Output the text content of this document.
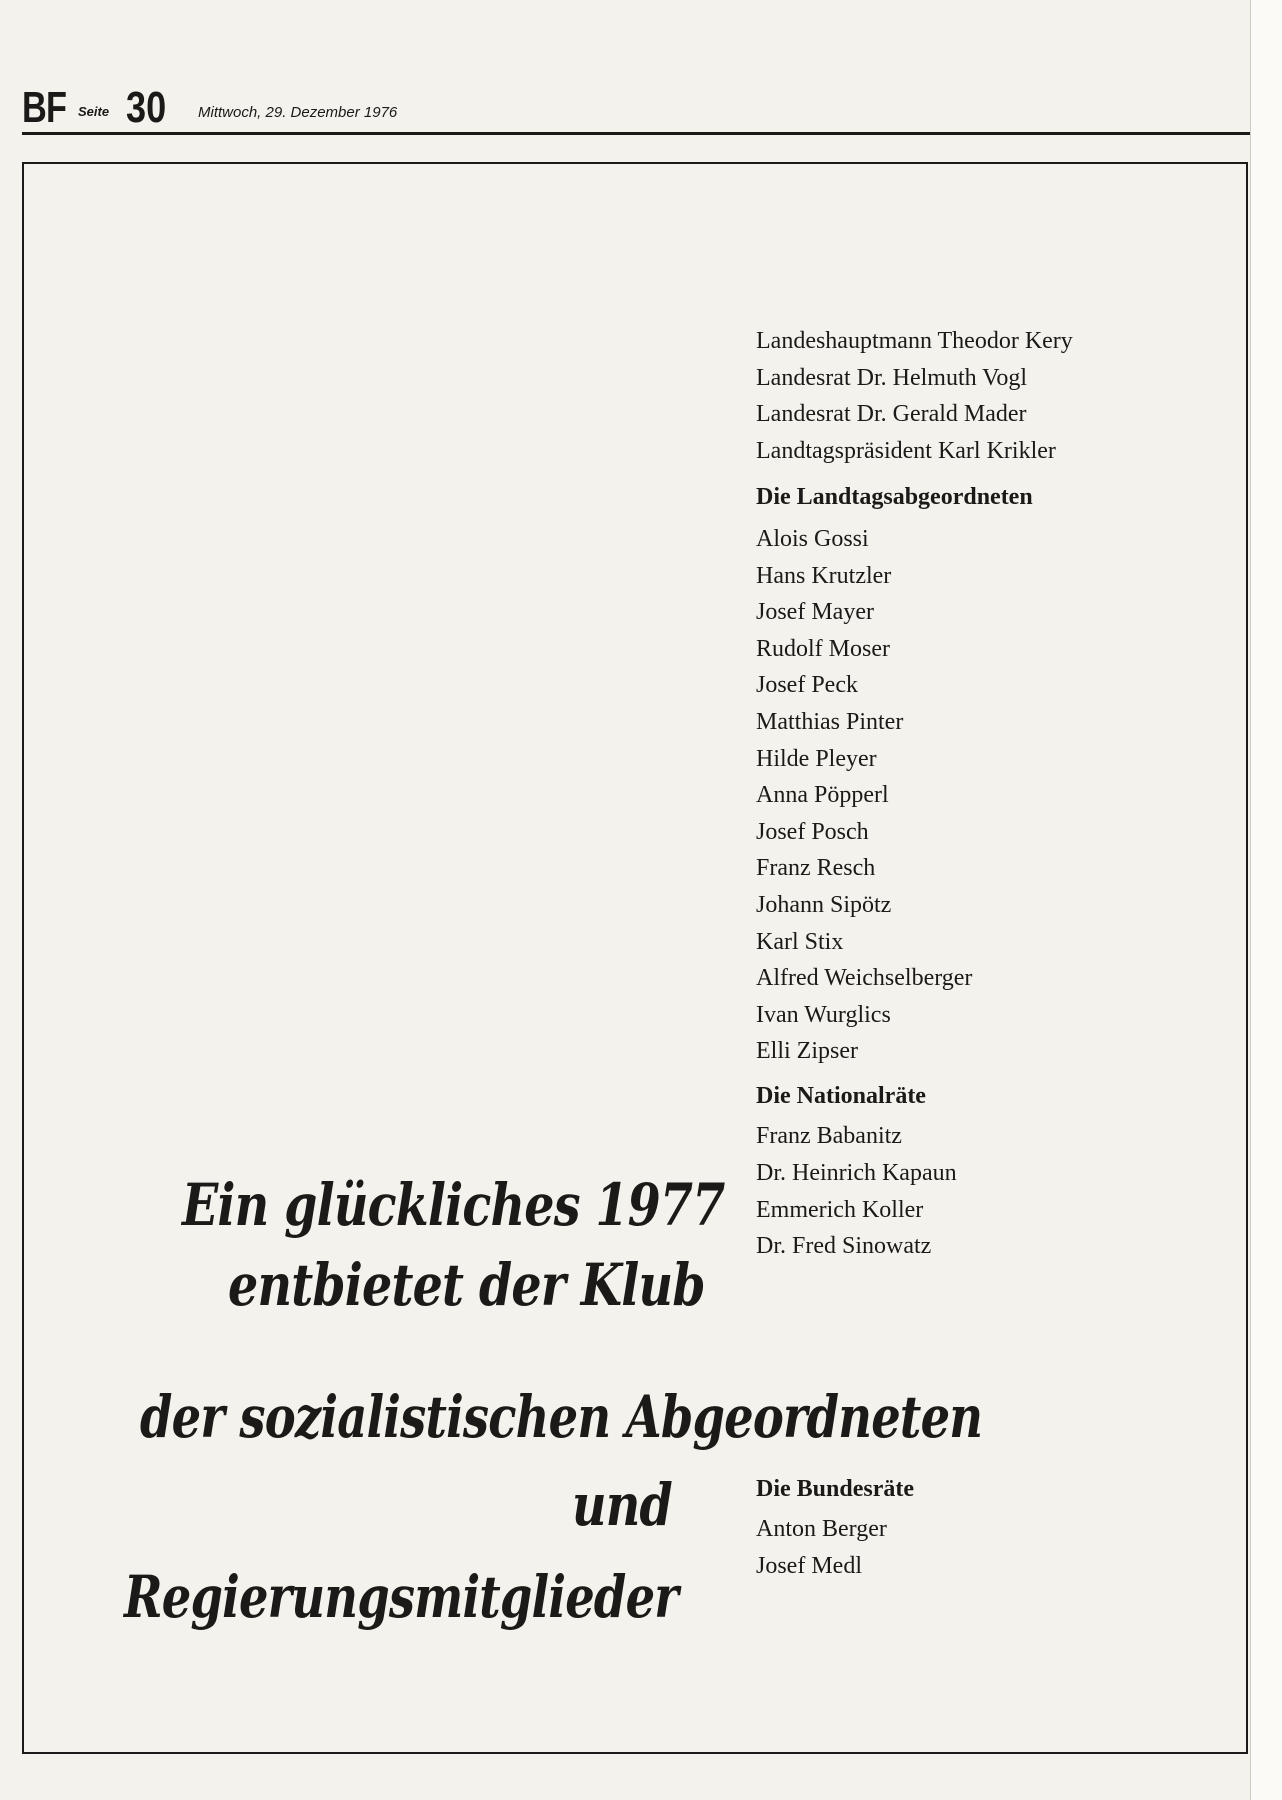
BF Seite 30 Mittwoch, 29. Dezember 1976
Landeshauptmann Theodor Kery
Landesrat Dr. Helmuth Vogl
Landesrat Dr. Gerald Mader
Landtagspräsident Karl Krikler
Die Landtagsabgeordneten
Alois Gossi
Hans Krutzler
Josef Mayer
Rudolf Moser
Josef Peck
Matthias Pinter
Hilde Pleyer
Anna Pöpperl
Josef Posch
Franz Resch
Johann Sipötz
Karl Stix
Alfred Weichselberger
Ivan Wurglics
Elli Zipser
Die Nationalräte
Franz Babanitz
Dr. Heinrich Kapaun
Emmerich Koller
Dr. Fred Sinowatz
Die Bundesräte
Anton Berger
Josef Medl
Ein glückliches 1977
entbietet der Klub
der sozialistischen Abgeordneten
und
Regierungsmitglieder
